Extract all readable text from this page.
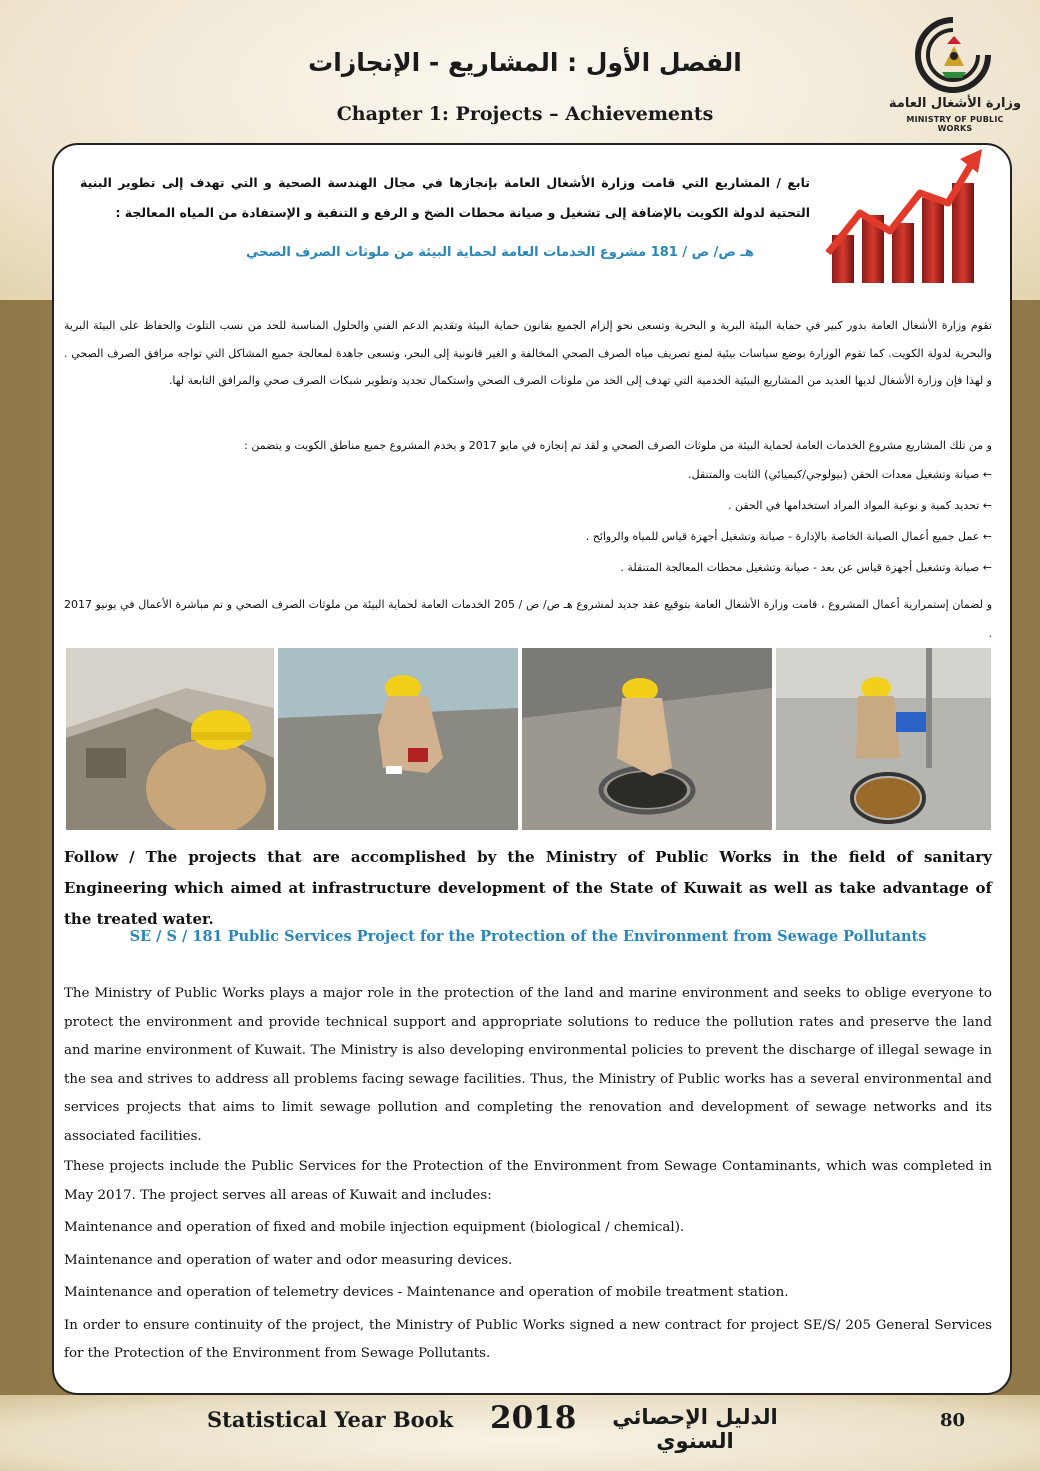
وزارة الأشغال العامة
MINISTRY OF PUBLIC WORKS
الفصل الأول : المشاريع - الإنجازات
Chapter 1: Projects – Achievements
تابع / المشاريع التي قامت وزارة الأشغال العامة بإنجازها في مجال الهندسة الصحية و التي تهدف إلى تطوير البنية التحتية لدولة الكويت بالإضافة إلى تشغيل و صيانة محطات الضخ و الرفع و التنقية و الإستفادة من المياه المعالجة :
هـ ص/ ص / 181 مشروع الخدمات العامة لحماية البيئة من ملوثات الصرف الصحي

تقوم وزارة الأشغال العامة بدور كبير في حماية البيئة البرية و البحرية وتسعى نحو إلزام الجميع بقانون حماية البيئة وتقديم الدعم الفني والحلول المناسبة للحد من نسب التلوث والحفاظ على البيئة البرية والبحرية لدولة الكويت. كما تقوم الوزارة بوضع سياسات بيئية لمنع تصريف مياه الصرف الصحي المخالفة و الغير قانونية إلى البحر، وتسعى جاهدة لمعالجة جميع المشاكل التي تواجه مرافق الصرف الصحي . و لهذا فإن وزارة الأشغال لديها العديد من المشاريع البيئية الخدمية التي تهدف إلى الحد من ملوثات الصرف الصحي واستكمال تجديد وتطوير شبكات الصرف صحي والمرافق التابعة لها.

و من تلك المشاريع مشروع الخدمات العامة لحماية البيئة من ملوثات الصرف الصحي و لقد تم إنجازه في مايو 2017 و يخدم المشروع جميع مناطق الكويت و يتضمن :

← صيانة وتشغيل معدات الحقن (بيولوجي/كيميائي) الثابت والمتنقل.

← تحديد كمية و نوعية المواد المراد استخدامها في الحقن .

← عمل جميع أعمال الصيانة الخاصة بالإدارة - صيانة وتشغيل أجهزة قياس للمياه والروائح .

← صيانة وتشغيل أجهزة قياس عن بعد - صيانة وتشغيل محطات المعالجة المتنقلة .

و لضمان إستمرارية أعمال المشروع ، قامت وزارة الأشغال العامة بتوقيع عقد جديد لمشروع هـ ص/ ص / 205 الخدمات العامة لحماية البيئة من ملوثات الصرف الصحي و تم مباشرة الأعمال في يونيو 2017 .

Follow / The projects that are accomplished by the Ministry of Public Works in the field of sanitary Engineering which aimed at infrastructure development of the State of Kuwait as well as take advantage of the treated water.
SE / S / 181 Public Services Project for the Protection of the Environment from Sewage Pollutants

The Ministry of Public Works plays a major role in the protection of the land and marine environment and seeks to oblige everyone to protect the environment and provide technical support and appropriate solutions to reduce the pollution rates and preserve the land and marine environment of Kuwait. The Ministry is also developing environmental policies to prevent the discharge of illegal sewage in the sea and strives to address all problems facing sewage facilities. Thus, the Ministry of Public works has a several environmental and services projects that aims to limit sewage pollution and completing the renovation and development of sewage networks and its associated facilities.

These projects include the Public Services for the Protection of the Environment from Sewage Contaminants, which was completed in May 2017. The project serves all areas of Kuwait and includes:

Maintenance and operation of fixed and mobile injection equipment (biological / chemical).

Maintenance and operation of water and odor measuring devices.

Maintenance and operation of telemetry devices - Maintenance and operation of mobile treatment station.

In order to ensure continuity of the project, the Ministry of Public Works signed a new contract for project SE/S/ 205 General Services for the Protection of the Environment from Sewage Pollutants.

Statistical Year Book 2018	الدليل الإحصائي السنوي
80
